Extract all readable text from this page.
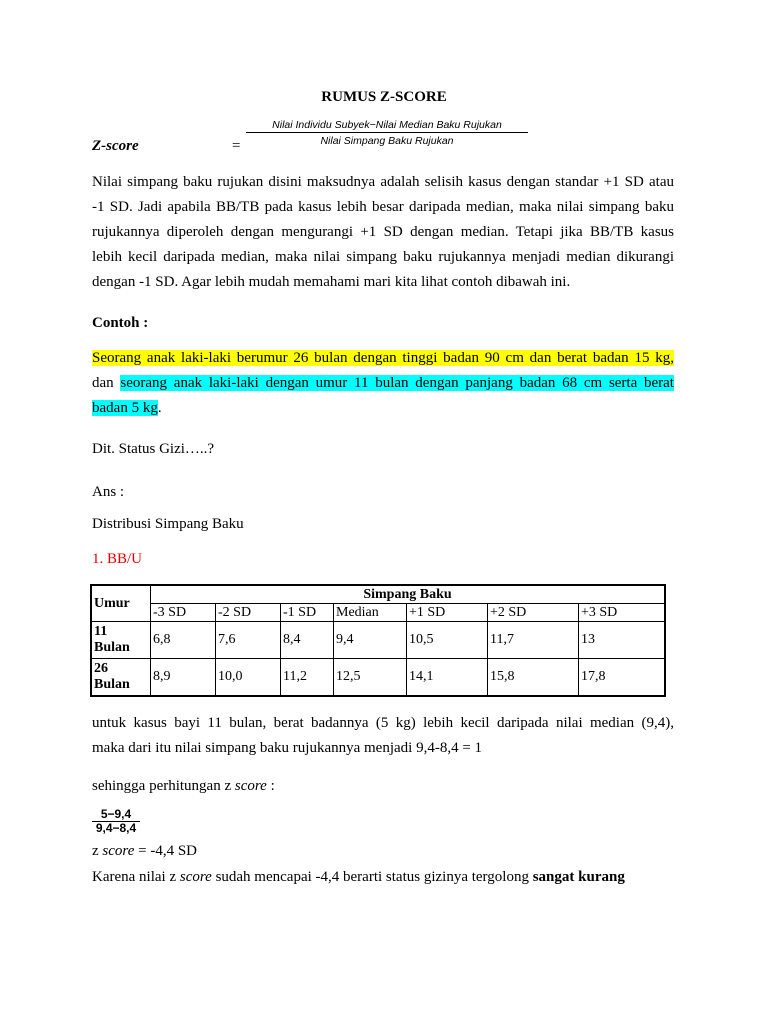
RUMUS Z-SCORE
Nilai Individu Subyek−Nilai Median Baku Rujukan
Nilai Simpang Baku Rujukan
Z-score	=
Nilai simpang baku rujukan disini maksudnya adalah selisih kasus dengan standar +1 SD atau
-1 SD. Jadi apabila BB/TB pada kasus lebih besar daripada median, maka nilai simpang baku
rujukannya diperoleh dengan mengurangi +1 SD dengan median. Tetapi jika BB/TB kasus
lebih kecil daripada median, maka nilai simpang baku rujukannya menjadi median dikurangi
dengan -1 SD. Agar lebih mudah memahami mari kita lihat contoh dibawah ini.
Contoh :
Seorang anak laki-laki berumur 26 bulan dengan tinggi badan 90 cm dan berat badan 15 kg,
dan seorang anak laki-laki dengan umur 11 bulan dengan panjang badan 68 cm serta berat
badan 5 kg.
Dit. Status Gizi…..?
Ans :
Distribusi Simpang Baku
1. BB/U
Umur	Simpang Baku						
	-3 SD	-2 SD	-1 SD	Median	+1 SD	+2 SD	+3 SD
11
Bulan	6,8	7,6	8,4	9,4	10,5	11,7	13
26
Bulan	8,9	10,0	11,2	12,5	14,1	15,8	17,8
untuk kasus bayi 11 bulan, berat badannya (5 kg) lebih kecil daripada nilai median (9,4),
maka dari itu nilai simpang baku rujukannya menjadi 9,4-8,4 = 1
sehingga perhitungan z score :
$\frac{5-9,4}{9,4-8,4}$
z score = -4,4 SD
Karena nilai z score sudah mencapai -4,4 berarti status gizinya tergolong sangat kurang
